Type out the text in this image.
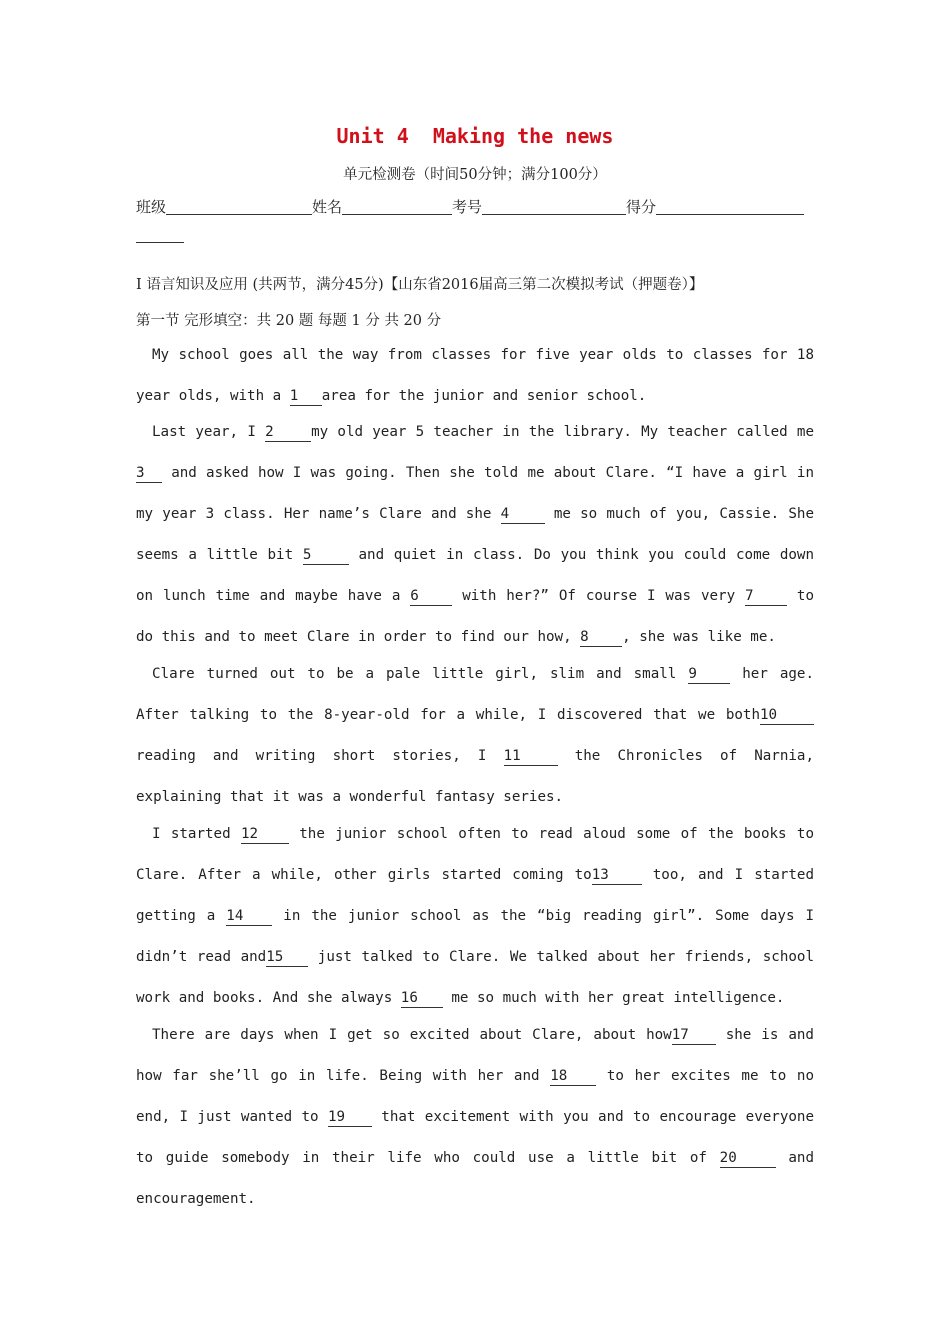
Unit 4  Making the news
单元检测卷（时间50分钟；满分100分）
班级	姓名	考号	得分
I 语言知识及应用 (共两节，满分45分)【山东省2016届高三第二次模拟考试（押题卷）】
第一节 完形填空：共 20 题 每题 1 分 共 20 分
My school goes all the way from classes for five year olds to classes for 18 year olds, with a 1 area for the junior and senior school.
Last year, I 2	my old year 5 teacher in the library. My teacher called me 3 and asked how I was going. Then she told me about Clare. “I have a girl in my year 3 class. Her name’s Clare and she 4 me so much of you, Cassie. She seems a little bit 5	and quiet in class. Do you think you could come down on lunch time and maybe have a 6 with her?” Of course I was very 7 to do this and to meet Clare in order to find our how, 8 , she was like me.
Clare turned out to be a pale little girl, slim and small 9 her age. After talking to the 8-year-old for a while, I discovered that we both10 reading and writing short stories, I 11	the Chronicles of Narnia, explaining that it was a wonderful fantasy series.
I started 12 the junior school often to read aloud some of the books to Clare. After a while, other girls started coming to13 too, and I started getting a 14 in the junior school as the “big reading girl”. Some days I didn’t read and15 just talked to Clare. We talked about her friends, school work and books. And she always 16 me so much with her great intelligence.
There are days when I get so excited about Clare, about how17 she is and how far she’ll go in life. Being with her and 18 to her excites me to no end, I just wanted to 19 that excitement with you and to encourage everyone to guide somebody in their life who could use a little bit of 20	and encouragement.
